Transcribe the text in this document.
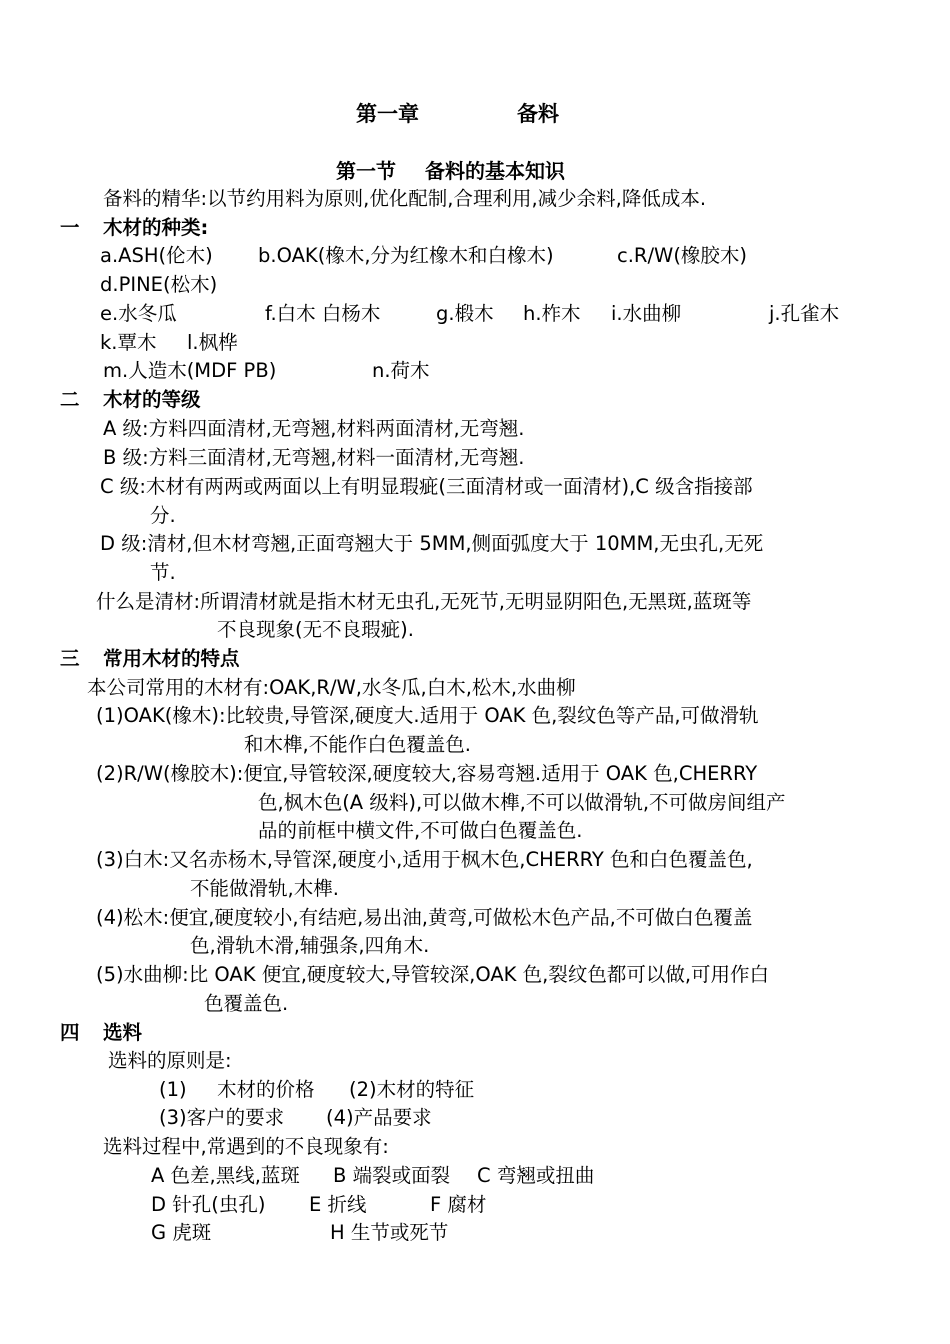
第一章	备料
第一节 备料的基本知识
备料的精华:以节约用料为原则,优化配制,合理利用,减少余料,降低成本.
一 木材的种类:
a.ASH(伦木) b.OAK(橡木,分为红橡木和白橡木)	c.R/W(橡胶木)
d.PINE(松木)
e.水冬瓜	f.白木 白杨木	g.椴木 h.柞木 i.水曲柳	j.孔雀木
k.覃木 l.枫桦
m.人造木(MDF PB)	n.荷木
二 木材的等级
A 级:方料四面清材,无弯翘,材料两面清材,无弯翘.
B 级:方料三面清材,无弯翘,材料一面清材,无弯翘.
C 级:木材有两两或两面以上有明显瑕疵(三面清材或一面清材),C 级含指接部
分.
D 级:清材,但木材弯翘,正面弯翘大于 5MM,侧面弧度大于 10MM,无虫孔,无死
节.
什么是清材:所谓清材就是指木材无虫孔,无死节,无明显阴阳色,无黑斑,蓝斑等
不良现象(无不良瑕疵).
三 常用木材的特点
本公司常用的木材有:OAK,R/W,水冬瓜,白木,松木,水曲柳
(1)OAK(橡木):比较贵,导管深,硬度大.适用于 OAK 色,裂纹色等产品,可做滑轨
和木榫,不能作白色覆盖色.
(2)R/W(橡胶木):便宜,导管较深,硬度较大,容易弯翘.适用于 OAK 色,CHERRY
色,枫木色(A 级料),可以做木榫,不可以做滑轨,不可做房间组产
品的前框中横文件,不可做白色覆盖色.
(3)白木:又名赤杨木,导管深,硬度小,适用于枫木色,CHERRY 色和白色覆盖色,
不能做滑轨,木榫.
(4)松木:便宜,硬度较小,有结疤,易出油,黄弯,可做松木色产品,不可做白色覆盖
色,滑轨木滑,辅强条,四角木.
(5)水曲柳:比 OAK 便宜,硬度较大,导管较深,OAK 色,裂纹色都可以做,可用作白
色覆盖色.
四 选料
选料的原则是:
(1) 木材的价格 (2)木材的特征
(3)客户的要求 (4)产品要求
选料过程中,常遇到的不良现象有:
A 色差,黑线,蓝斑 B 端裂或面裂 C 弯翘或扭曲
D 针孔(虫孔) E 折线	F 腐材
G 虎斑	H 生节或死节
